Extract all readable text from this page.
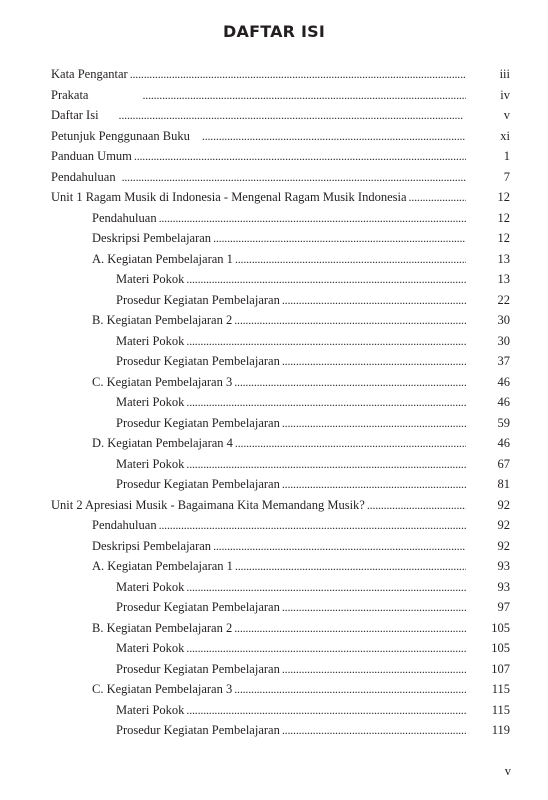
DAFTAR ISI
Kata Pengantar . . .	iii
Prakata . . .	iv
Daftar Isi . . .	v
Petunjuk Penggunaan Buku . . .	xi
Panduan Umum . . .	1
Pendahuluan . . .	7
Unit 1 Ragam Musik di Indonesia - Mengenal Ragam Musik Indonesia . . .	12
Pendahuluan . . .	12
Deskripsi Pembelajaran . . .	12
A. Kegiatan Pembelajaran 1 . . .	13
Materi Pokok . . .	13
Prosedur Kegiatan Pembelajaran . . .	22
B. Kegiatan Pembelajaran 2 . . .	30
Materi Pokok . . .	30
Prosedur Kegiatan Pembelajaran . . .	37
C. Kegiatan Pembelajaran 3 . . .	46
Materi Pokok . . .	46
Prosedur Kegiatan Pembelajaran . . .	59
D. Kegiatan Pembelajaran 4 . . .	46
Materi Pokok . . .	67
Prosedur Kegiatan Pembelajaran . . .	81
Unit 2 Apresiasi Musik - Bagaimana Kita Memandang Musik? . . .	92
Pendahuluan . . .	92
Deskripsi Pembelajaran . . .	92
A. Kegiatan Pembelajaran 1 . . .	93
Materi Pokok . . .	93
Prosedur Kegiatan Pembelajaran . . .	97
B. Kegiatan Pembelajaran 2 . . .	105
Materi Pokok . . .	105
Prosedur Kegiatan Pembelajaran . . .	107
C. Kegiatan Pembelajaran 3 . . .	115
Materi Pokok . . .	115
Prosedur Kegiatan Pembelajaran . . .	119
v
